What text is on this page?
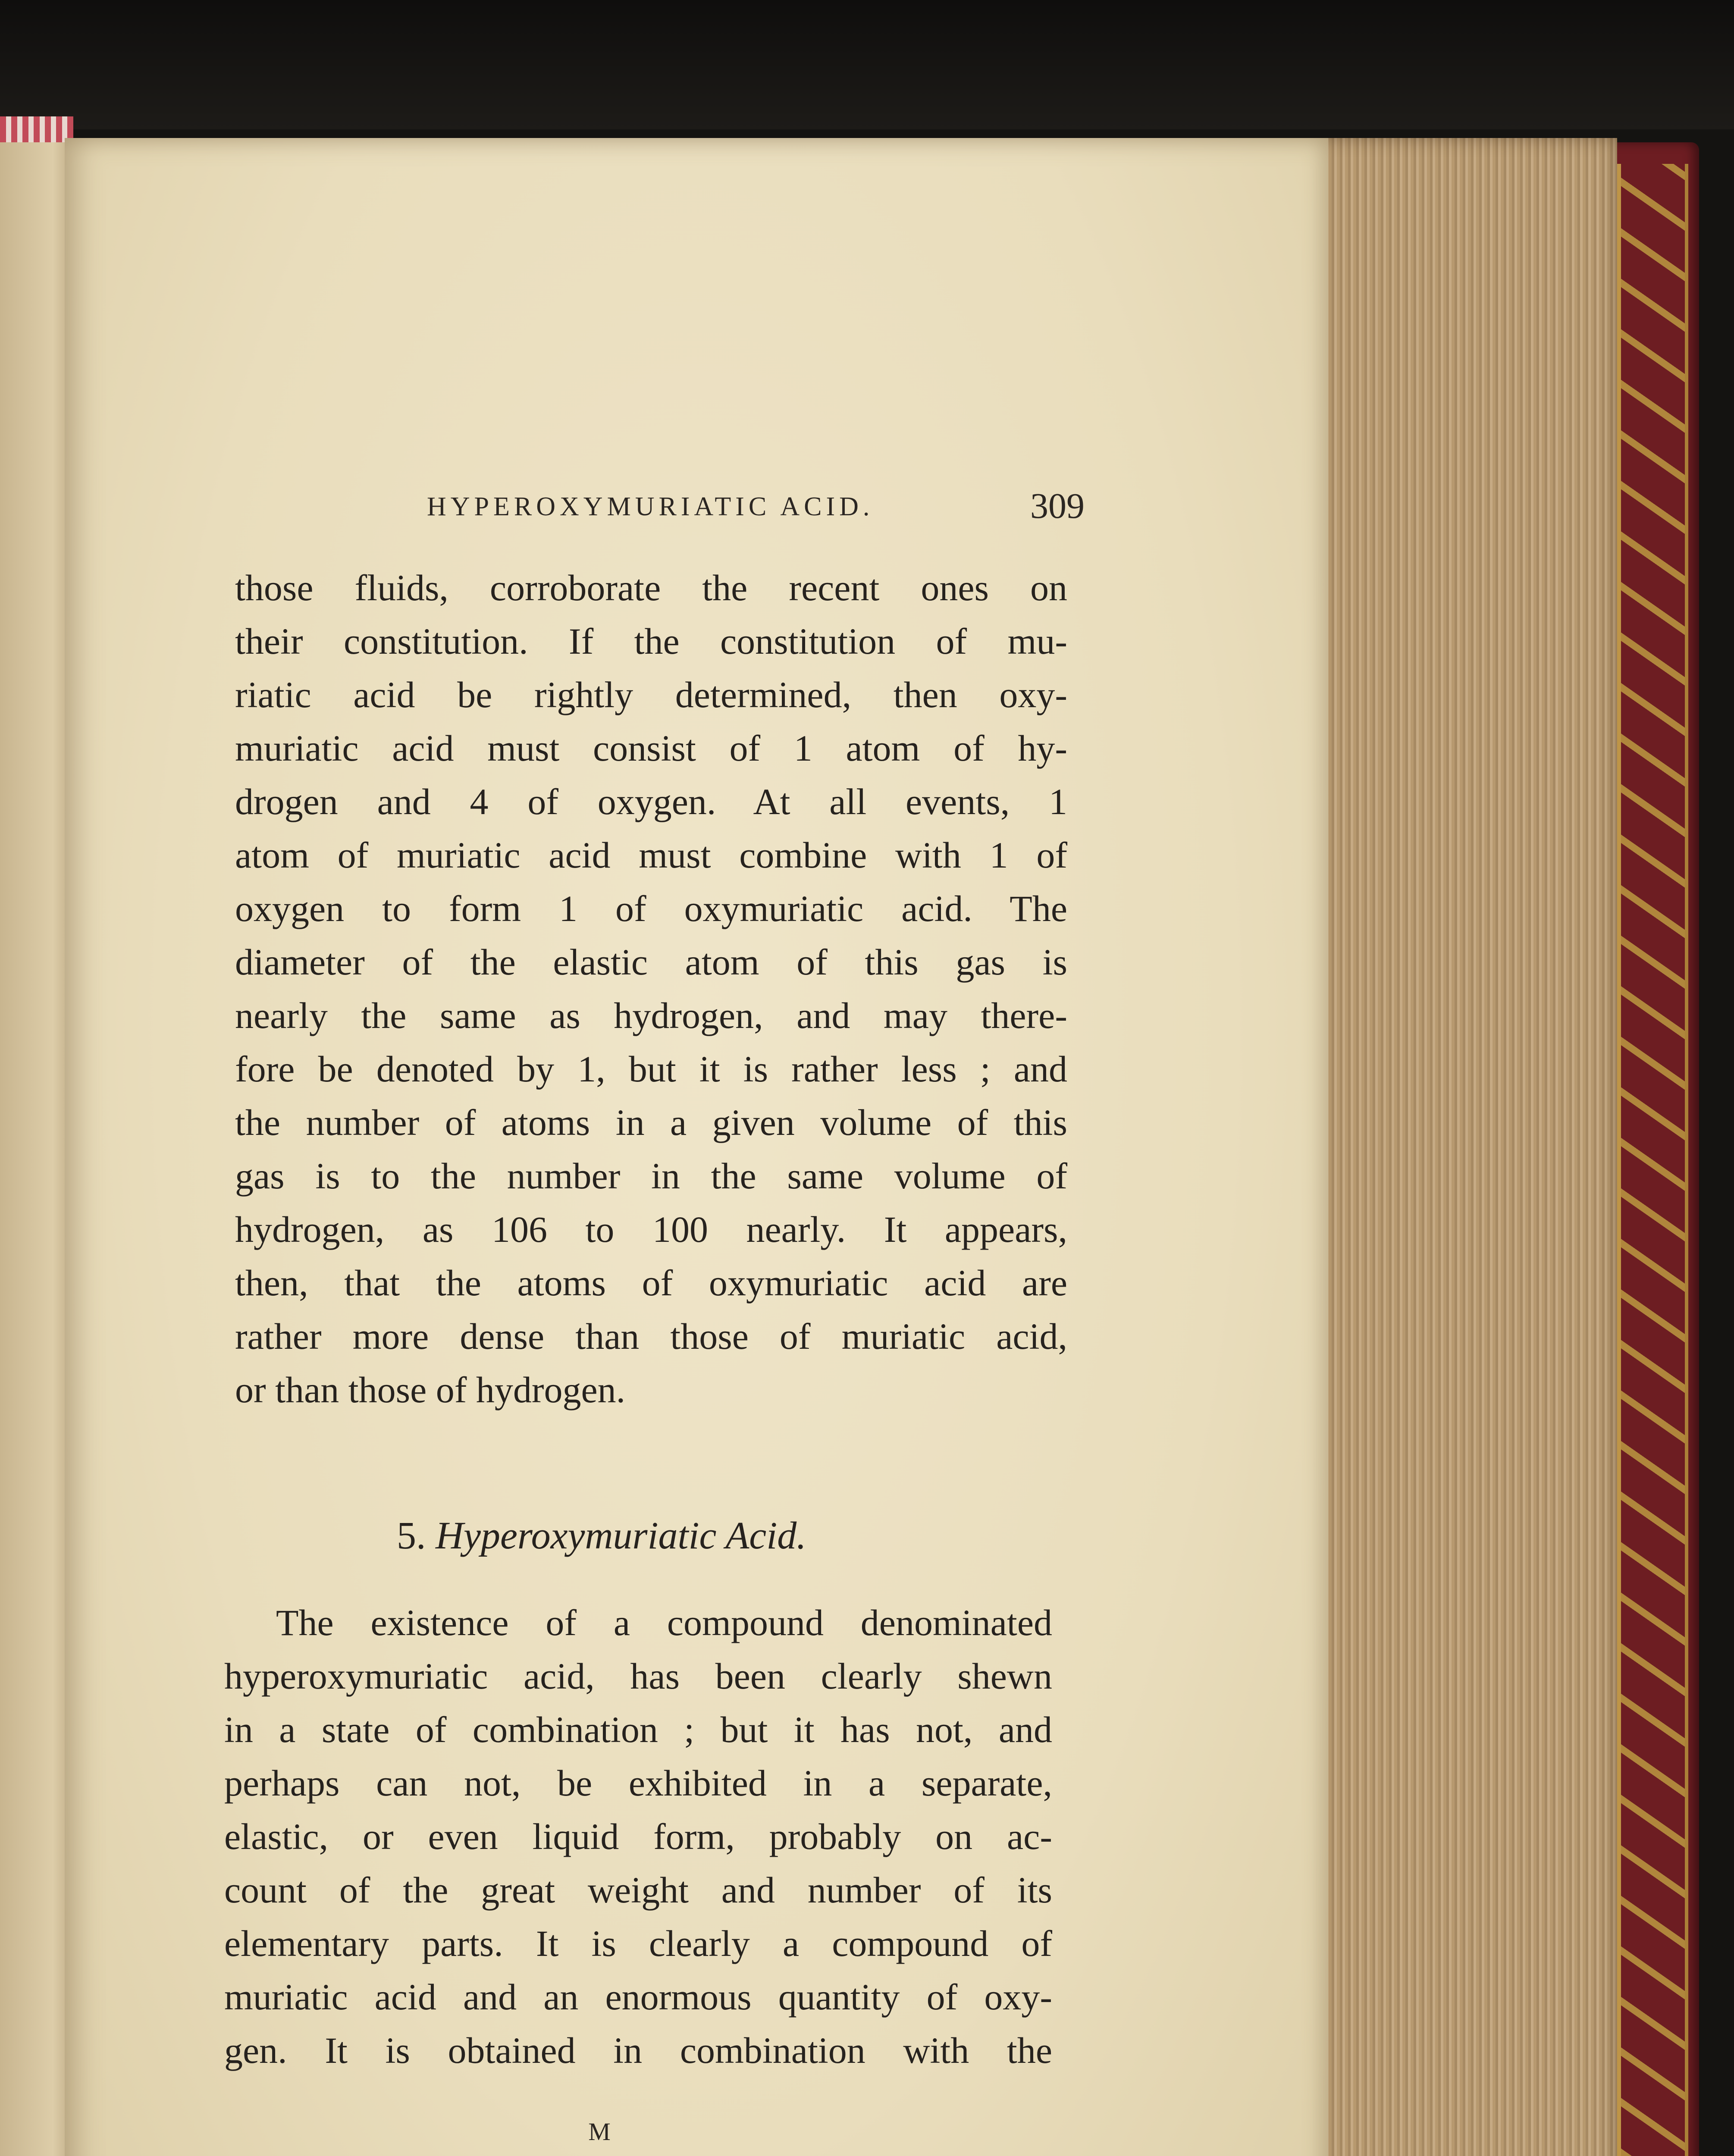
HYPEROXYMURIATIC ACID.	309
those fluids, corroborate the recent ones on
their constitution. If the constitution of mu-
riatic acid be rightly determined, then oxy-
muriatic acid must consist of 1 atom of hy-
drogen and 4 of oxygen. At all events, 1
atom of muriatic acid must combine with 1 of
oxygen to form 1 of oxymuriatic acid. The
diameter of the elastic atom of this gas is
nearly the same as hydrogen, and may there-
fore be denoted by 1, but it is rather less ; and
the number of atoms in a given volume of this
gas is to the number in the same volume of
hydrogen, as 106 to 100 nearly. It appears,
then, that the atoms of oxymuriatic acid are
rather more dense than those of muriatic acid,
or than those of hydrogen.
5. Hyperoxymuriatic Acid.
The existence of a compound denominated
hyperoxymuriatic acid, has been clearly shewn
in a state of combination ; but it has not, and
perhaps can not, be exhibited in a separate,
elastic, or even liquid form, probably on ac-
count of the great weight and number of its
elementary parts. It is clearly a compound of
muriatic acid and an enormous quantity of oxy-
gen. It is obtained in combination with the
M
